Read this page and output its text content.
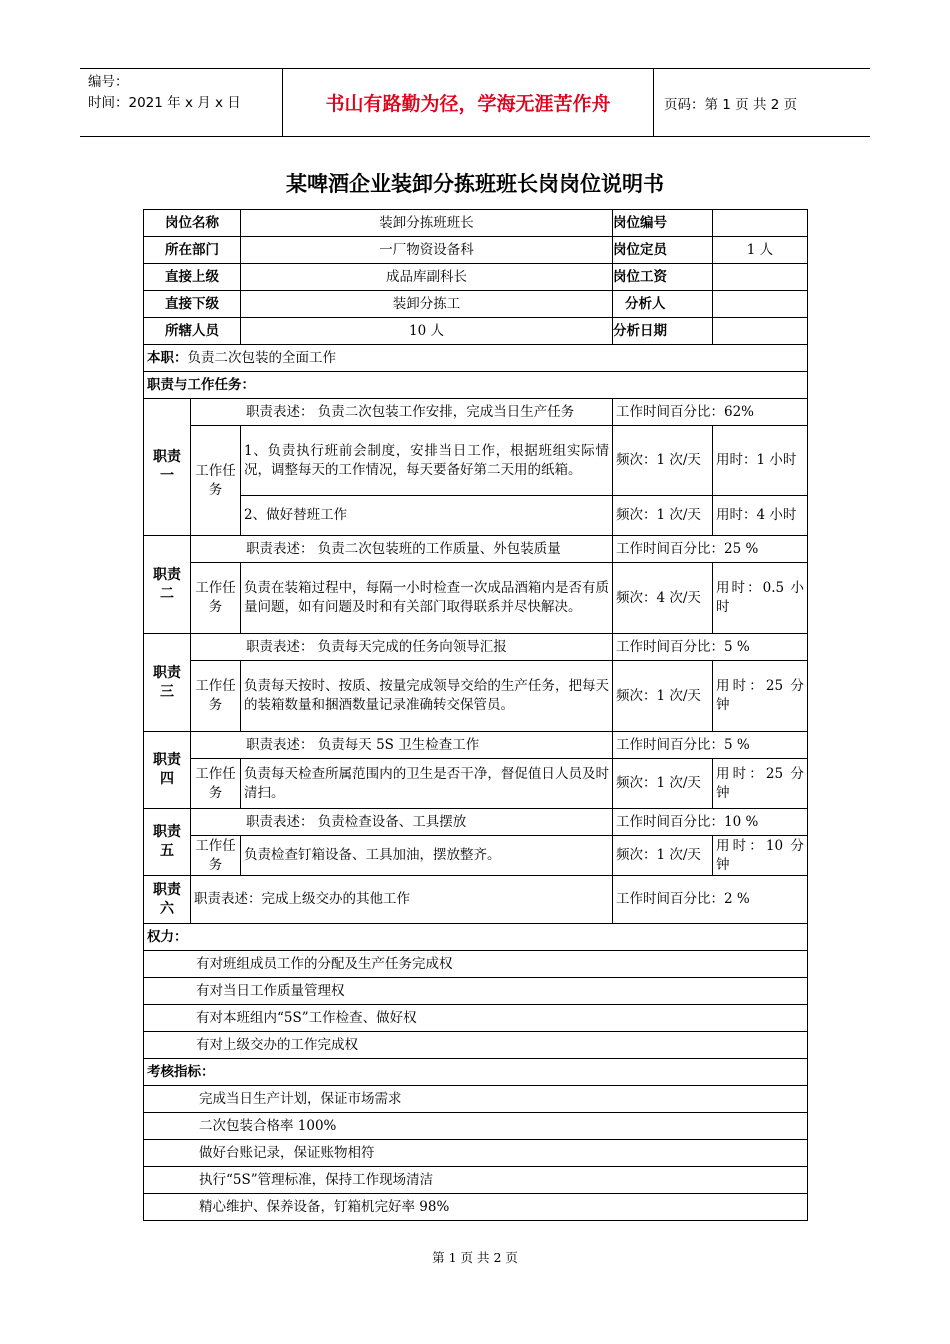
编号：
时间：2021 年 x 月 x 日	书山有路勤为径，学海无涯苦作舟	页码：第 1 页 共 2 页
某啤酒企业装卸分拣班班长岗岗位说明书
岗位名称		装卸分拣班班长	岗位编号	
所在部门		一厂物资设备科	岗位定员	1 人
直接上级		成品库副科长	岗位工资	
直接下级		装卸分拣工	分析人	
所辖人员		10 人	分析日期	
本职：负责二次包装的全面工作				
职责与工作任务：				
职责一	职责表述： 负责二次包装工作安排，完成当日生产任务		工作时间百分比：62%	
	工作任务	1、负责执行班前会制度，安排当日工作，根据班组实际情况，调整每天的工作情况，每天要备好第二天用的纸箱。	频次：1 次/天	用时：1 小时
		2、做好替班工作	频次：1 次/天	用时：4 小时
职责二	职责表述： 负责二次包装班的工作质量、外包装质量		工作时间百分比：25 %	
	工作任务	负责在装箱过程中，每隔一小时检查一次成品酒箱内是否有质量问题，如有问题及时和有关部门取得联系并尽快解决。	频次：4 次/天	用时：0.5 小时
职责三	职责表述： 负责每天完成的任务向领导汇报		工作时间百分比：5 %	
	工作任务	负责每天按时、按质、按量完成领导交给的生产任务，把每天的装箱数量和捆酒数量记录准确转交保管员。	频次：1 次/天	用时：25 分钟
职责四	职责表述： 负责每天 5S 卫生检查工作		工作时间百分比：5 %	
	工作任务	负责每天检查所属范围内的卫生是否干净，督促值日人员及时清扫。	频次：1 次/天	用时：25 分钟
职责五	职责表述： 负责检查设备、工具摆放		工作时间百分比：10 %	
	工作任务	负责检查钉箱设备、工具加油，摆放整齐。	频次：1 次/天	用时：10 分钟
职责六	职责表述：完成上级交办的其他工作		工作时间百分比：2 %	
权力：				
有对班组成员工作的分配及生产任务完成权				
有对当日工作质量管理权				
有对本班组内“5S”工作检查、做好权				
有对上级交办的工作完成权				
考核指标：				
完成当日生产计划，保证市场需求				
二次包装合格率 100%				
做好台账记录，保证账物相符				
执行“5S”管理标准，保持工作现场清洁				
精心维护、保养设备，钉箱机完好率 98%				
第 1 页 共 2 页
